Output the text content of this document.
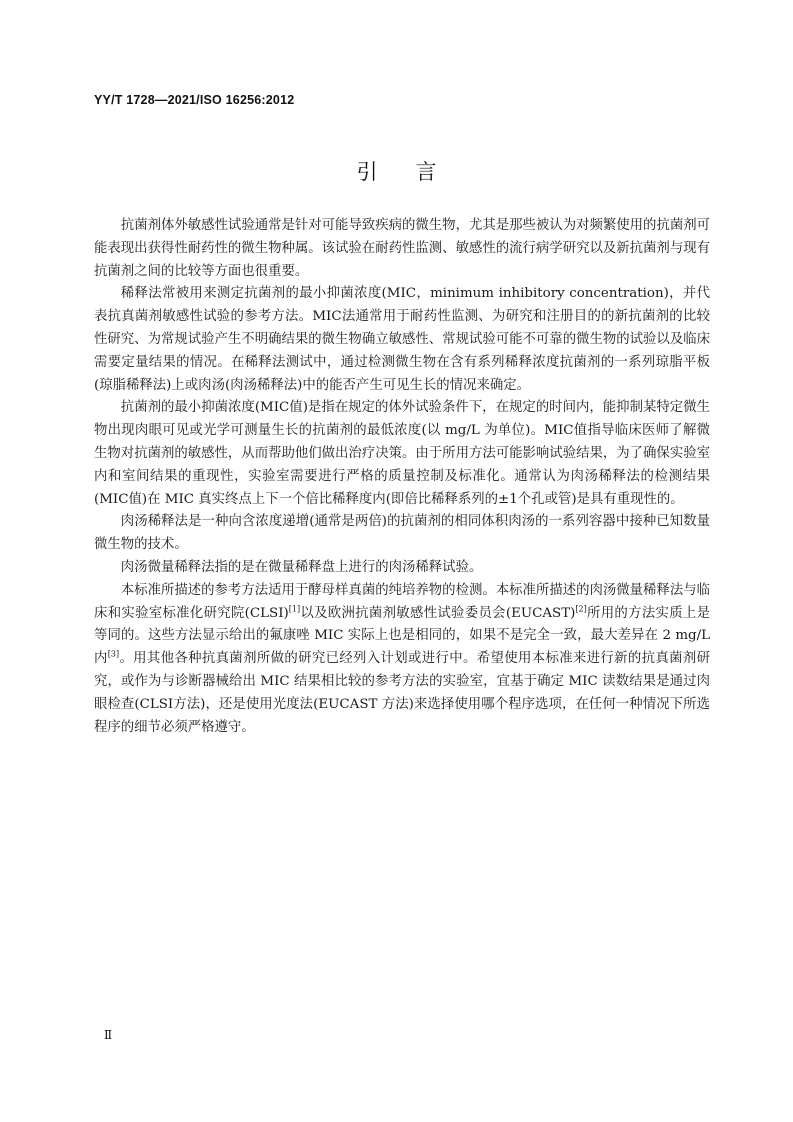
YY/T 1728—2021/ISO 16256:2012
引言

抗菌剂体外敏感性试验通常是针对可能导致疾病的微生物，尤其是那些被认为对频繁使用的抗菌剂可能表现出获得性耐药性的微生物种属。该试验在耐药性监测、敏感性的流行病学研究以及新抗菌剂与现有抗菌剂之间的比较等方面也很重要。

稀释法常被用来测定抗菌剂的最小抑菌浓度(MIC，minimum inhibitory concentration)，并代表抗真菌剂敏感性试验的参考方法。MIC法通常用于耐药性监测、为研究和注册目的的新抗菌剂的比较性研究、为常规试验产生不明确结果的微生物确立敏感性、常规试验可能不可靠的微生物的试验以及临床需要定量结果的情况。在稀释法测试中，通过检测微生物在含有系列稀释浓度抗菌剂的一系列琼脂平板(琼脂稀释法)上或肉汤(肉汤稀释法)中的能否产生可见生长的情况来确定。

抗菌剂的最小抑菌浓度(MIC值)是指在规定的体外试验条件下，在规定的时间内，能抑制某特定微生物出现肉眼可见或光学可测量生长的抗菌剂的最低浓度(以 mg/L 为单位)。MIC值指导临床医师了解微生物对抗菌剂的敏感性，从而帮助他们做出治疗决策。由于所用方法可能影响试验结果，为了确保实验室内和室间结果的重现性，实验室需要进行严格的质量控制及标准化。通常认为肉汤稀释法的检测结果(MIC值)在 MIC 真实终点上下一个倍比稀释度内(即倍比稀释系列的±1个孔或管)是具有重现性的。

肉汤稀释法是一种向含浓度递增(通常是两倍)的抗菌剂的相同体积肉汤的一系列容器中接种已知数量微生物的技术。

肉汤微量稀释法指的是在微量稀释盘上进行的肉汤稀释试验。

本标准所描述的参考方法适用于酵母样真菌的纯培养物的检测。本标准所描述的肉汤微量稀释法与临床和实验室标准化研究院(CLSI)[1]以及欧洲抗菌剂敏感性试验委员会(EUCAST)[2]所用的方法实质上是等同的。这些方法显示给出的氟康唑 MIC 实际上也是相同的，如果不是完全一致，最大差异在 2 mg/L 内[3]。用其他各种抗真菌剂所做的研究已经列入计划或进行中。希望使用本标准来进行新的抗真菌剂研究，或作为与诊断器械给出 MIC 结果相比较的参考方法的实验室，宜基于确定 MIC 读数结果是通过肉眼检查(CLSI方法)，还是使用光度法(EUCAST 方法)来选择使用哪个程序选项，在任何一种情况下所选程序的细节必须严格遵守。

Ⅱ
